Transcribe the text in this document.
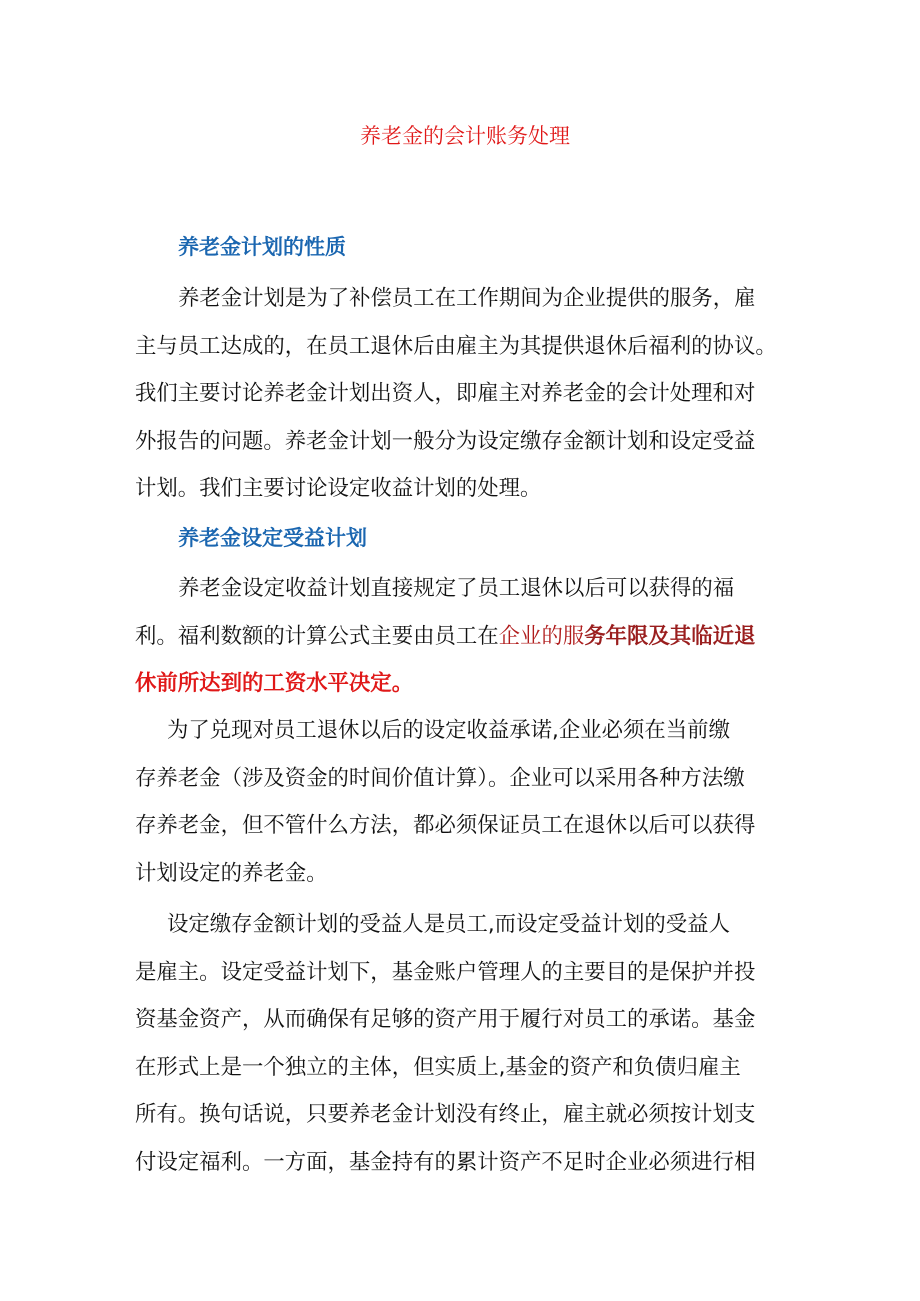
养老金的会计账务处理
养老金计划的性质

养老金计划是为了补偿员工在工作期间为企业提供的服务，雇
主与员工达成的，在员工退休后由雇主为其提供退休后福利的协议。
我们主要讨论养老金计划出资人，即雇主对养老金的会计处理和对
外报告的问题。养老金计划一般分为设定缴存金额计划和设定受益
计划。我们主要讨论设定收益计划的处理。

养老金设定受益计划

养老金设定收益计划直接规定了员工退休以后可以获得的福
利。福利数额的计算公式主要由员工在企业的服务年限及其临近退
休前所达到的工资水平决定。

为了兑现对员工退休以后的设定收益承诺,企业必须在当前缴
存养老金（涉及资金的时间价值计算）。企业可以采用各种方法缴
存养老金，但不管什么方法，都必须保证员工在退休以后可以获得
计划设定的养老金。

设定缴存金额计划的受益人是员工,而设定受益计划的受益人
是雇主。设定受益计划下，基金账户管理人的主要目的是保护并投
资基金资产，从而确保有足够的资产用于履行对员工的承诺。基金
在形式上是一个独立的主体，但实质上,基金的资产和负债归雇主
所有。换句话说，只要养老金计划没有终止，雇主就必须按计划支
付设定福利。一方面，基金持有的累计资产不足时企业必须进行相
